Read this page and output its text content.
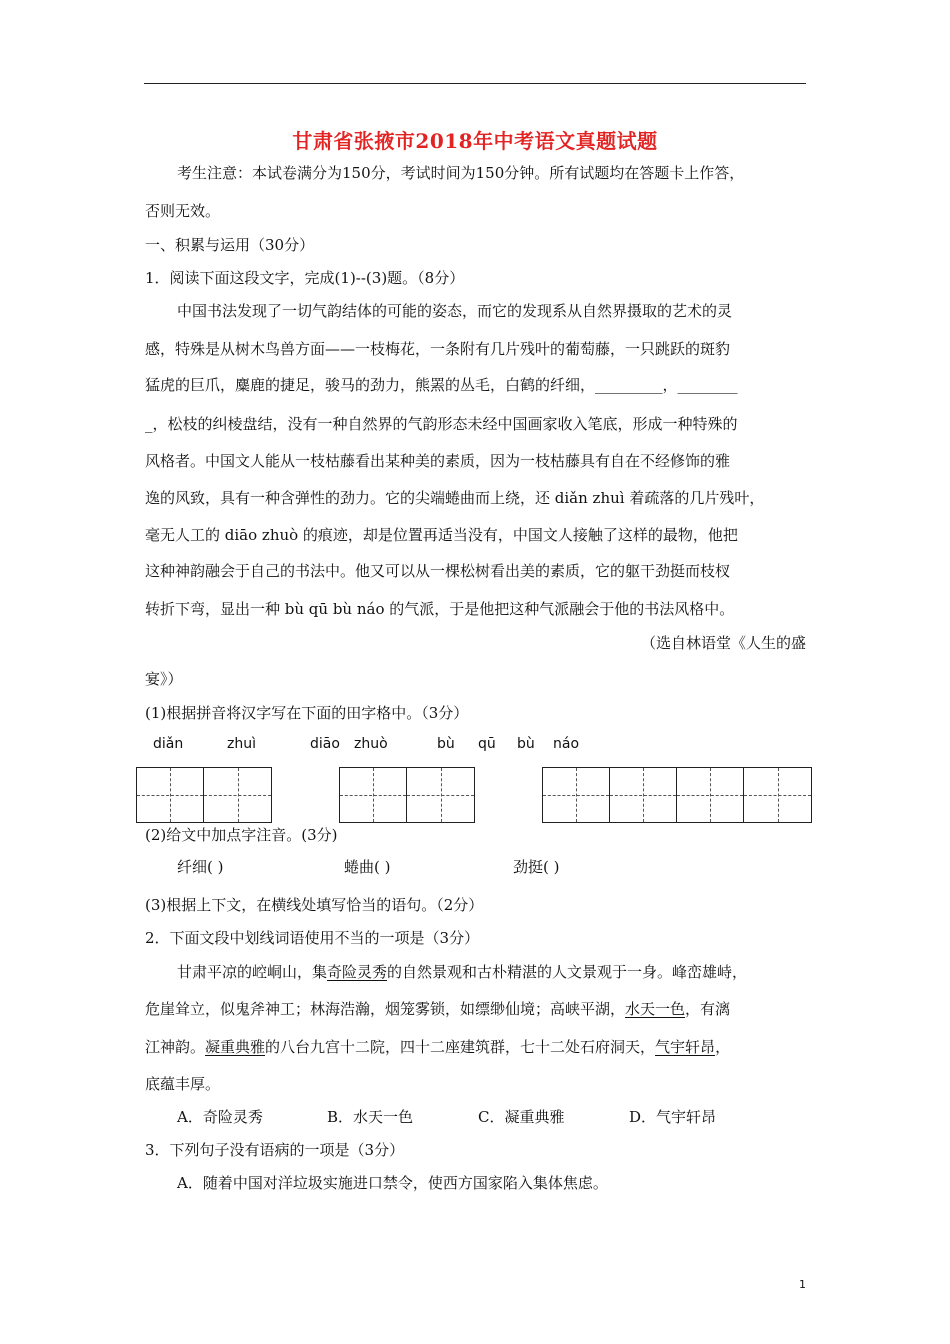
甘肃省张掖市2018年中考语文真题试题
考生注意：本试卷满分为150分，考试时间为150分钟。所有试题均在答题卡上作答，
否则无效。
一、积累与运用（30分）
1．阅读下面这段文字，完成(1)--(3)题。（8分）
中国书法发现了一切气韵结体的可能的姿态，而它的发现系从自然界摄取的艺术的灵
感，特殊是从树木鸟兽方面——一枝梅花，一条附有几片残叶的葡萄藤，一只跳跃的斑豹
猛虎的巨爪，麋鹿的捷足，骏马的劲力，熊罴的丛毛，白鹤的纤细，_________，________
_，松枝的纠棱盘结，没有一种自然界的气韵形态未经中国画家收入笔底，形成一种特殊的
风格者。中国文人能从一枝枯藤看出某种美的素质，因为一枝枯藤具有自在不经修饰的雅
逸的风致，具有一种含弹性的劲力。它的尖端蜷曲而上绕，还 diǎn zhuì 着疏落的几片残叶，
毫无人工的 diāo zhuò 的痕迹，却是位置再适当没有，中国文人接触了这样的最物，他把
这种神韵融会于自己的书法中。他又可以从一棵松树看出美的素质，它的躯干劲挺而枝杈
转折下弯，显出一种 bù qū bù náo 的气派，于是他把这种气派融会于他的书法风格中。
（选自林语堂《人生的盛
宴》）
(1)根据拼音将汉字写在下面的田字格中。（3分）
diǎn	zhuì	diāo zhuò	bù qū bù náo
(2)给文中加点字注音。(3分)
纤细( )	蜷曲( )	劲挺( )
(3)根据上下文，在横线处填写恰当的语句。（2分）
2．下面文段中划线词语使用不当的一项是（3分）
甘肃平凉的崆峒山，集奇险灵秀的自然景观和古朴精湛的人文景观于一身。峰峦雄峙，
危崖耸立，似鬼斧神工；林海浩瀚，烟笼雾锁，如缥缈仙境；高峡平湖，水天一色，有漓
江神韵。凝重典雅的八台九宫十二院，四十二座建筑群，七十二处石府洞天，气宇轩昂，
底蕴丰厚。
A．奇险灵秀	B．水天一色	C．凝重典雅	D．气宇轩昂
3．下列句子没有语病的一项是（3分）
A．随着中国对洋垃圾实施进口禁令，使西方国家陷入集体焦虑。
1
